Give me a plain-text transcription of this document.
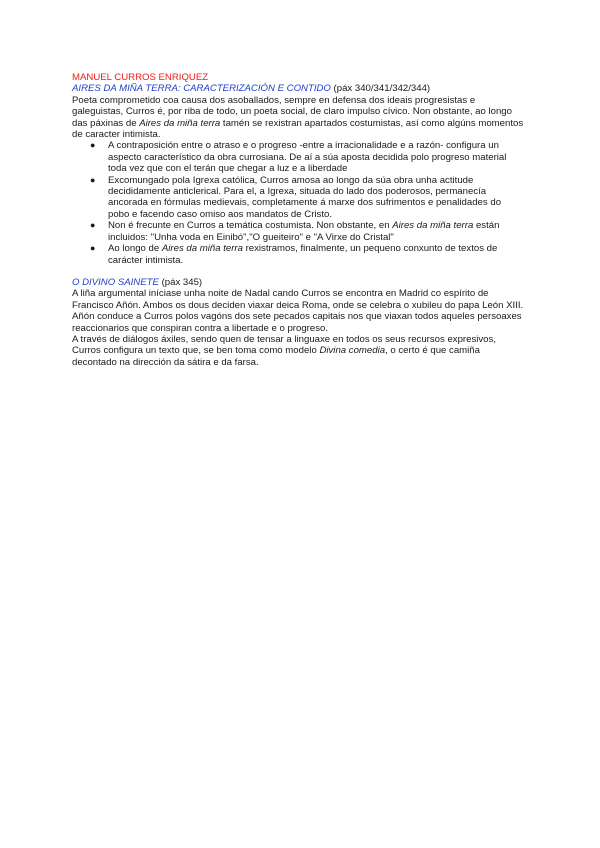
MANUEL CURROS ENRIQUEZ

AIRES DA MIÑA TERRA: CARACTERIZACIÓN E CONTIDO (páx 340/341/342/344)

Poeta comprometido coa causa dos asoballados, sempre en defensa dos ideais progresistas e galeguistas, Curros é, por riba de todo, un poeta social, de claro impulso cívico. Non obstante, ao longo das páxinas de Aires da miña terra tamén se rexistran apartados costumistas, así como algúns momentos de caracter intimista.

● A contraposición entre o atraso e o progreso -entre a irracionalidade e a razón- configura un aspecto característico da obra currosiana. De aí a súa aposta decidida polo progreso material toda vez que con el terán que chegar a luz e a liberdade
● Excomungado pola Igrexa católica, Curros amosa ao longo da súa obra unha actitude decididamente anticlerical. Para el, a Igrexa, situada do lado dos poderosos, permanecía ancorada en fórmulas medievais, completamente á marxe dos sufrimentos e penalidades do pobo e facendo caso omiso aos mandatos de Cristo.
● Non é frecunte en Curros a temática costumista. Non obstante, en Aires da miña terra están incluidos: "Unha voda en Einibó","O gueiteiro" e "A Virxe do Cristal"
● Ao longo de Aires da miña terra rexistramos, finalmente, un pequeno conxunto de textos de carácter intimista.

O DIVINO SAINETE (páx 345)

A liña argumental iníciase unha noite de Nadal cando Curros se encontra en Madrid co espírito de Francisco Añón. Ambos os dous deciden viaxar deica Roma, onde se celebra o xubileu do papa León XIII. Añón conduce a Curros polos vagóns dos sete pecados capitais nos que viaxan todos aqueles persoaxes reaccionarios que conspiran contra a libertade e o progreso.

A través de diálogos áxiles, sendo quen de tensar a linguaxe en todos os seus recursos expresivos, Curros configura un texto que, se ben toma como modelo Divina comedia, o certo é que camiña decontado na dirección da sátira e da farsa.
